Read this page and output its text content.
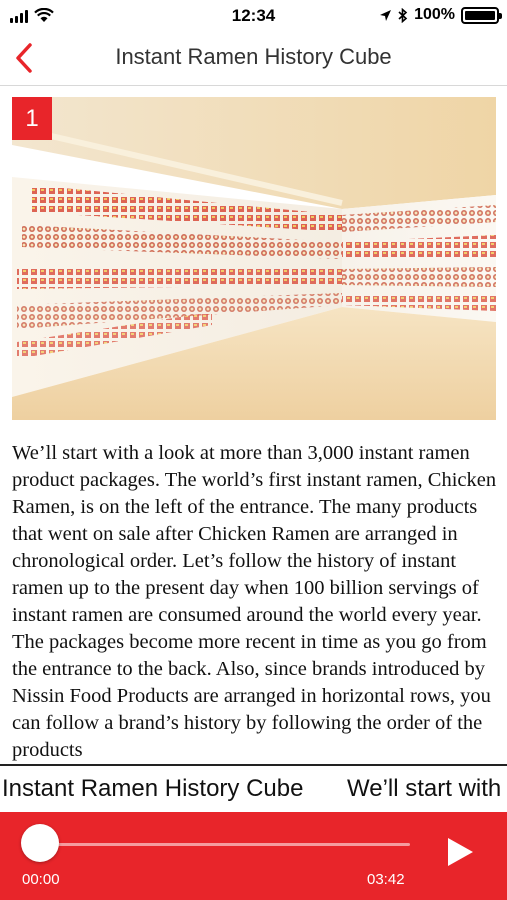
12:34	100%
Instant Ramen History Cube
1
We’ll start with a look at more than 3,000 instant ramen product packages. The world’s first instant ramen, Chicken Ramen, is on the left of the entrance. The many products that went on sale after Chicken Ramen are arranged in chronological order. Let’s follow the history of instant ramen up to the present day when 100 billion servings of instant ramen are consumed around the world every year. The packages become more recent in time as you go from the entrance to the back. Also, since brands introduced by Nissin Food Products are arranged in horizontal rows, you can follow a brand’s history by following the order of the products
Instant Ramen History Cube We’ll start with
00:00	03:42
